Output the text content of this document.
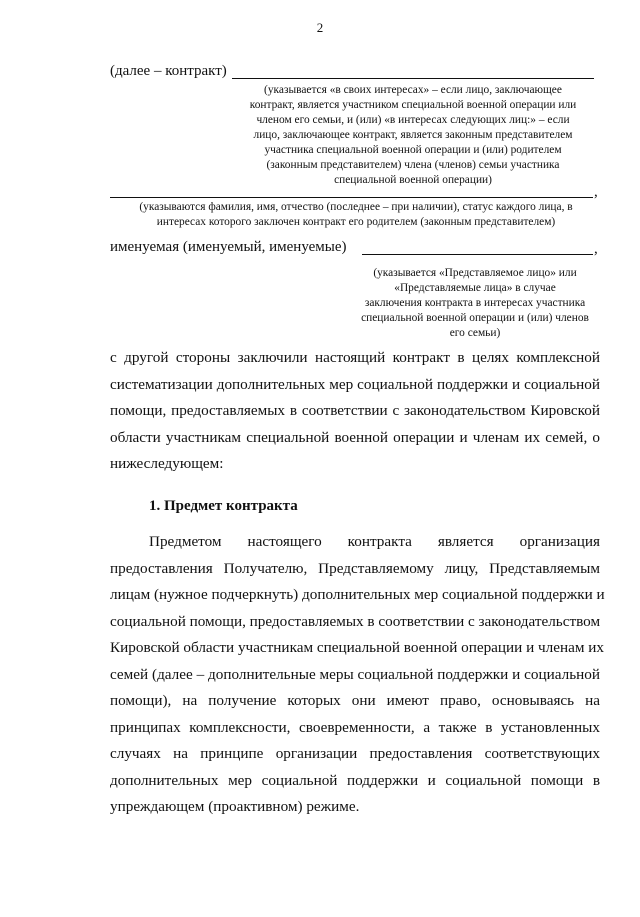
2
(далее – контракт)
(указывается «в своих интересах» – если лицо, заключающее
контракт, является участником специальной военной операции или
членом его семьи, и (или) «в интересах следующих лиц:» – если
лицо, заключающее контракт, является законным представителем
участника специальной военной операции и (или) родителем
(законным представителем) члена (членов) семьи участника
специальной военной операции)
,
(указываются фамилия, имя, отчество (последнее – при наличии), статус каждого лица, в
интересах которого заключен контракт его родителем (законным представителем)
именуемая (именуемый, именуемые)	,
(указывается «Представляемое лицо» или
«Представляемые лица» в случае
заключения контракта в интересах участника
специальной военной операции и (или) членов
его семьи)
с другой стороны заключили настоящий контракт в целях комплексной
систематизации дополнительных мер социальной поддержки и социальной
помощи, предоставляемых в соответствии с законодательством Кировской
области участникам специальной военной операции и членам их семей, о
нижеследующем:
1. Предмет контракта
Предметом настоящего контракта является организация
предоставления Получателю, Представляемому лицу, Представляемым
лицам (нужное подчеркнуть) дополнительных мер социальной поддержки и
социальной помощи, предоставляемых в соответствии с законодательством
Кировской области участникам специальной военной операции и членам их
семей (далее – дополнительные меры социальной поддержки и социальной
помощи), на получение которых они имеют право, основываясь на
принципах комплексности, своевременности, а также в установленных
случаях на принципе организации предоставления соответствующих
дополнительных мер социальной поддержки и социальной помощи в
упреждающем (проактивном) режиме.
